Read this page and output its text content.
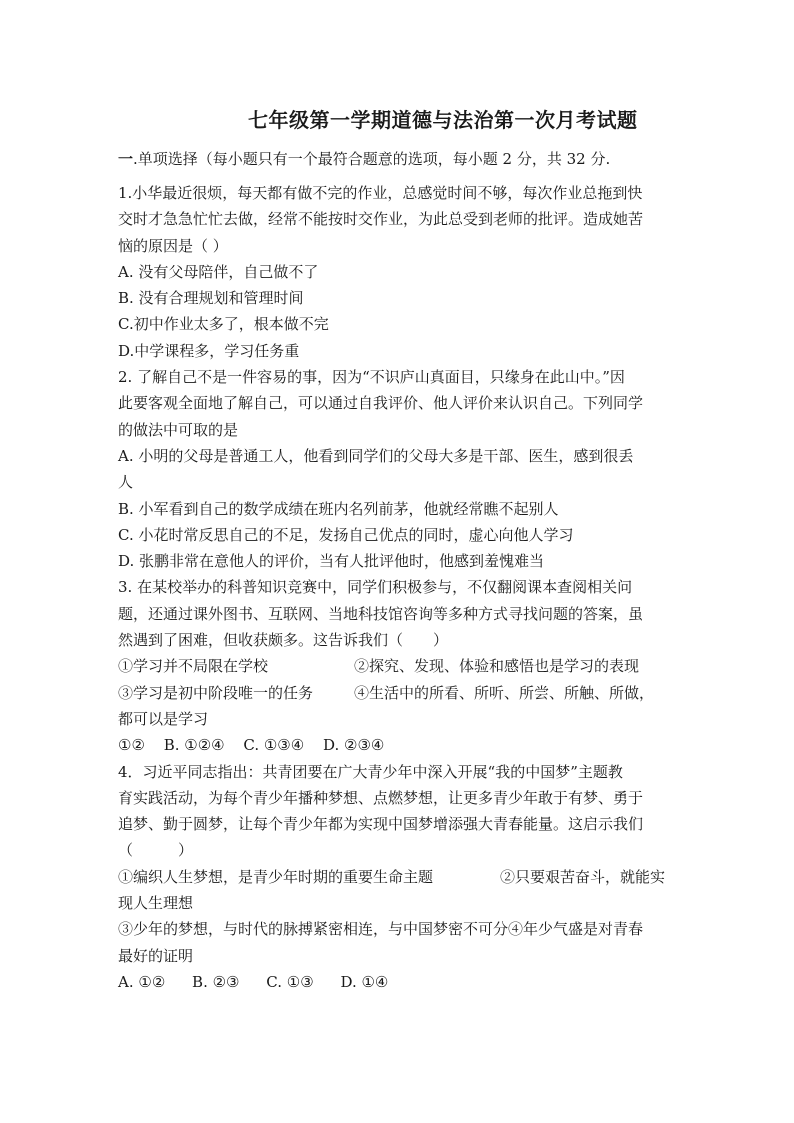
七年级第一学期道德与法治第一次月考试题
一.单项选择（每小题只有一个最符合题意的选项，每小题 2 分，共 32 分.

1.小华最近很烦，每天都有做不完的作业，总感觉时间不够，每次作业总拖到快

交时才急急忙忙去做，经常不能按时交作业，为此总受到老师的批评。造成她苦

恼的原因是（ ）

A. 没有父母陪伴，自己做不了

B. 没有合理规划和管理时间

C.初中作业太多了，根本做不完

D.中学课程多，学习任务重

2. 了解自己不是一件容易的事，因为“不识庐山真面目，只缘身在此山中。”因

此要客观全面地了解自己，可以通过自我评价、他人评价来认识自己。下列同学

的做法中可取的是

A. 小明的父母是普通工人，他看到同学们的父母大多是干部、医生，感到很丢

人

B. 小军看到自己的数学成绩在班内名列前茅，他就经常瞧不起别人

C. 小花时常反思自己的不足，发扬自己优点的同时，虚心向他人学习

D. 张鹏非常在意他人的评价，当有人批评他时，他感到羞愧难当

3. 在某校举办的科普知识竞赛中，同学们积极参与，不仅翻阅课本查阅相关问

题，还通过课外图书、互联网、当地科技馆咨询等多种方式寻找问题的答案，虽

然遇到了困难，但收获颇多。这告诉我们（　　）

①学习并不局限在学校	②探究、发现、体验和感悟也是学习的表现
③学习是初中阶段唯一的任务	④生活中的所看、所听、所尝、所触、所做，

都可以是学习

①② B. ①②④ C. ①③④ D. ②③④

4．习近平同志指出：共青团要在广大青少年中深入开展“我的中国梦”主题教

育实践活动，为每个青少年播种梦想、点燃梦想，让更多青少年敢于有梦、勇于

追梦、勤于圆梦，让每个青少年都为实现中国梦增添强大青春能量。这启示我们

（　　　）

①编织人生梦想，是青少年时期的重要生命主题	②只要艰苦奋斗，就能实

现人生理想

③少年的梦想，与时代的脉搏紧密相连，与中国梦密不可分④年少气盛是对青春

最好的证明

A. ①② B. ②③ C. ①③ D. ①④
